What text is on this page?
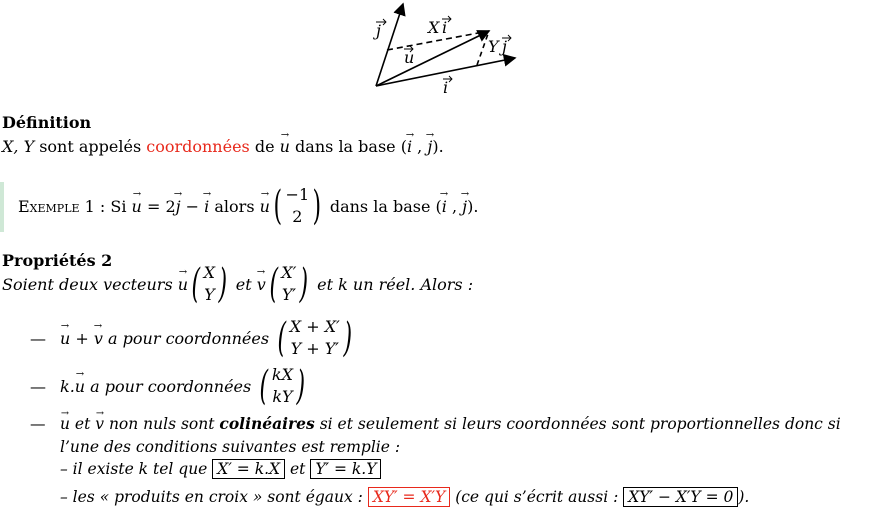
j	X i
Y j
u
i
Définition
X, Y sont appelés coordonnées de u → dans la base (i → , j →).
Exemple 1 : Si u → = 2 j → − i → alors u → ( −1
2 ) dans la base ( i → , j → ).
Propriétés 2
Soient deux vecteurs u → ( X
Y ) et v → ( X′
Y′ ) et k un réel. Alors :
— u → + v → a pour coordonnées ( X + X′
Y + Y′ )
— k. u → a pour coordonnées ( kX
kY )
— u → et v → non nuls sont colinéaires si et seulement si leurs coordonnées sont proportionnelles donc si
l’une des conditions suivantes est remplie :
– il existe k tel que X′ = k.X et Y′ = k.Y
– les « produits en croix » sont égaux : XY′ = X′Y (ce qui s’écrit aussi : XY′ − X′Y = 0 ).
